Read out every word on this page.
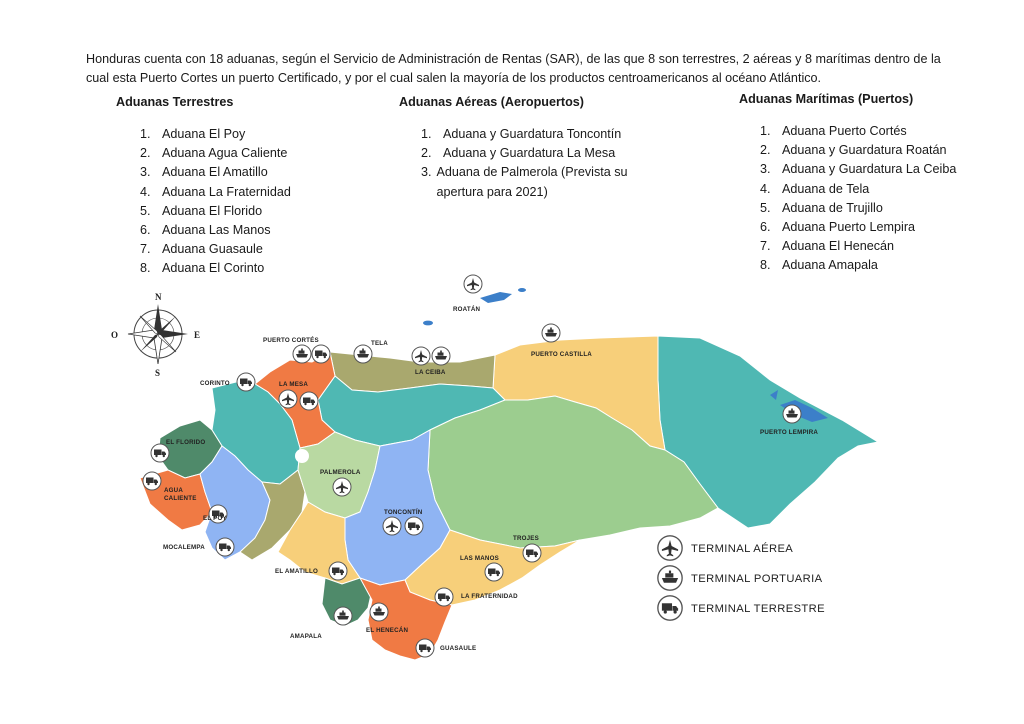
Honduras cuenta con 18 aduanas, según el Servicio de Administración de Rentas (SAR), de las que 8 son terrestres, 2 aéreas y 8 marítimas dentro de la cual esta Puerto Cortes un puerto Certificado, y por el cual salen la mayoría de los productos centroamericanos al océano Atlántico.
Aduanas Terrestres
1. Aduana El Poy
2. Aduana Agua Caliente
3. Aduana El Amatillo
4. Aduana La Fraternidad
5. Aduana El Florido
6. Aduana Las Manos
7. Aduana Guasaule
8. Aduana El Corinto
Aduanas Aéreas (Aeropuertos)
1. Aduana y Guardatura Toncontín
2. Aduana y Guardatura La Mesa
3. Aduana de Palmerola (Prevista su apertura para 2021)
Aduanas Marítimas (Puertos)
1. Aduana Puerto Cortés
2. Aduana y Guardatura Roatán
3. Aduana y Guardatura La Ceiba
4. Aduana de Tela
5. Aduana de Trujillo
6. Aduana Puerto Lempira
7. Aduana El Henecán
8. Aduana Amapala
N
S
E
O
ROATÁN
PUERTO CORTÉS	TELA
LA CEIBA
PUERTO CASTILLA
CORINTO	LA MESA
PUERTO LEMPIRA
EL FLORIDO
AGUA
CALIENTE
PALMEROLA
EL POY
TONCONTÍN
MOCALEMPA
TROJES
LAS MANOS
EL AMATILLO
LA FRATERNIDAD
AMAPALA
EL HENECÁN
GUASAULE
TERMINAL AÉREA
TERMINAL PORTUARIA
TERMINAL TERRESTRE
